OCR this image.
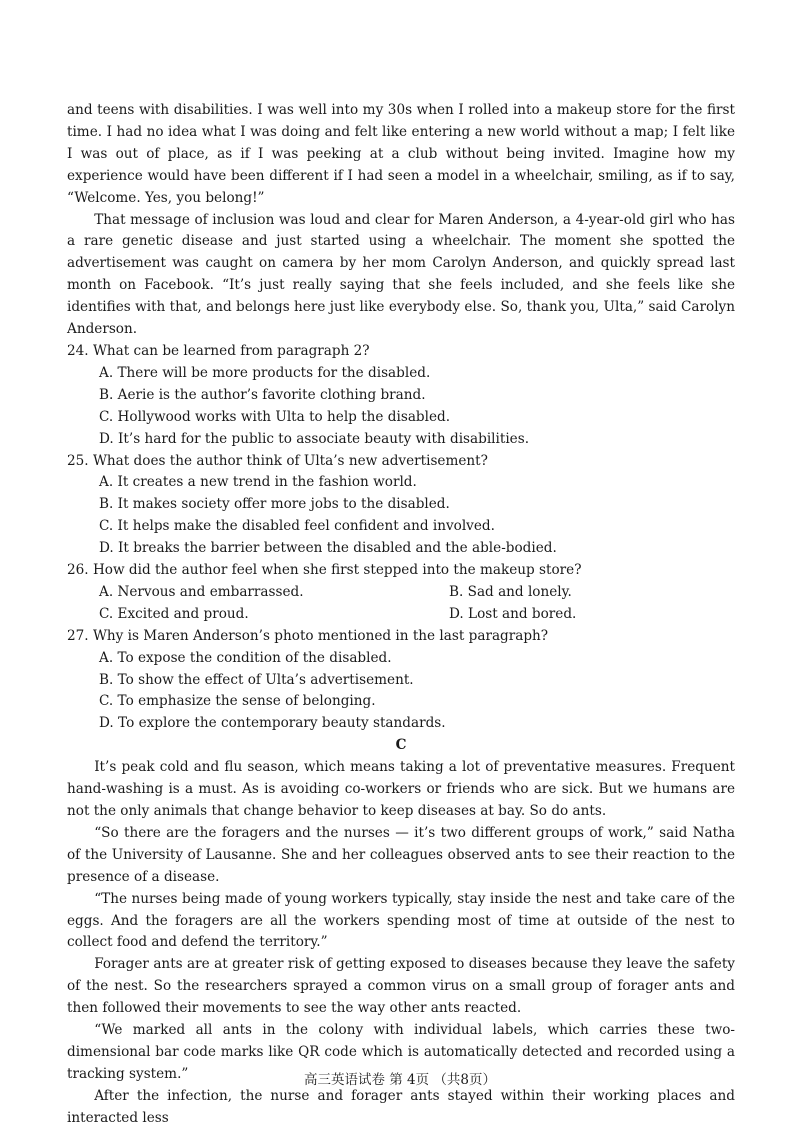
and teens with disabilities. I was well into my 30s when I rolled into a makeup store for the first time. I had no idea what I was doing and felt like entering a new world without a map; I felt like I was out of place, as if I was peeking at a club without being invited. Imagine how my experience would have been different if I had seen a model in a wheelchair, smiling, as if to say, “Welcome. Yes, you belong!”

That message of inclusion was loud and clear for Maren Anderson, a 4-year-old girl who has a rare genetic disease and just started using a wheelchair. The moment she spotted the advertisement was caught on camera by her mom Carolyn Anderson, and quickly spread last month on Facebook. “It’s just really saying that she feels included, and she feels like she identifies with that, and belongs here just like everybody else. So, thank you, Ulta,” said Carolyn Anderson.

24. What can be learned from paragraph 2?

A. There will be more products for the disabled.

B. Aerie is the author’s favorite clothing brand.

C. Hollywood works with Ulta to help the disabled.

D. It’s hard for the public to associate beauty with disabilities.

25. What does the author think of Ulta’s new advertisement?

A. It creates a new trend in the fashion world.

B. It makes society offer more jobs to the disabled.

C. It helps make the disabled feel confident and involved.

D. It breaks the barrier between the disabled and the able-bodied.

26. How did the author feel when she first stepped into the makeup store?

A. Nervous and embarrassed.	B. Sad and lonely.
C. Excited and proud.	D. Lost and bored.

27. Why is Maren Anderson’s photo mentioned in the last paragraph?

A. To expose the condition of the disabled.

B. To show the effect of Ulta’s advertisement.

C. To emphasize the sense of belonging.

D. To explore the contemporary beauty standards.

C

It’s peak cold and flu season, which means taking a lot of preventative measures. Frequent hand-washing is a must. As is avoiding co-workers or friends who are sick. But we humans are not the only animals that change behavior to keep diseases at bay. So do ants.

“So there are the foragers and the nurses — it’s two different groups of work,” said Natha of the University of Lausanne. She and her colleagues observed ants to see their reaction to the presence of a disease.

“The nurses being made of young workers typically, stay inside the nest and take care of the eggs. And the foragers are all the workers spending most of time at outside of the nest to collect food and defend the territory.”

Forager ants are at greater risk of getting exposed to diseases because they leave the safety of the nest. So the researchers sprayed a common virus on a small group of forager ants and then followed their movements to see the way other ants reacted.

“We marked all ants in the colony with individual labels, which carries these two-dimensional bar code marks like QR code which is automatically detected and recorded using a tracking system.”

After the infection, the nurse and forager ants stayed within their working places and interacted less

高三英语试卷 第 4页 （共8页）
